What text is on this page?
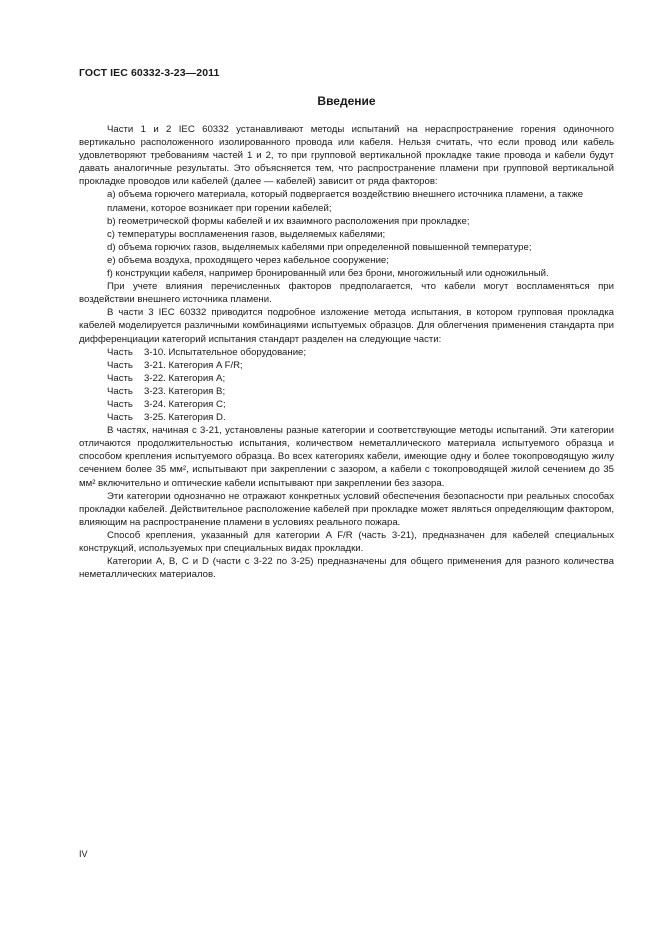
ГОСТ IEC 60332-3-23—2011
Введение

Части 1 и 2 IEC 60332 устанавливают методы испытаний на нераспространение горения одиночного вертикально расположенного изолированного провода или кабеля. Нельзя считать, что если провод или кабель удовлетворяют требованиям частей 1 и 2, то при групповой вертикальной прокладке такие провода и кабели будут давать аналогичные результаты. Это объясняется тем, что распространение пламени при групповой вертикальной прокладке проводов или кабелей (далее — кабелей) зависит от ряда факторов:

а) объема горючего материала, который подвергается воздействию внешнего источника пламени, а также пламени, которое возникает при горении кабелей;

b) геометрической формы кабелей и их взаимного расположения при прокладке;

c) температуры воспламенения газов, выделяемых кабелями;

d) объема горючих газов, выделяемых кабелями при определенной повышенной температуре;

e) объема воздуха, проходящего через кабельное сооружение;

f) конструкции кабеля, например бронированный или без брони, многожильный или одножильный.

При учете влияния перечисленных факторов предполагается, что кабели могут воспламеняться при воздействии внешнего источника пламени.

В части 3 IEC 60332 приводится подробное изложение метода испытания, в котором групповая прокладка кабелей моделируется различными комбинациями испытуемых образцов. Для облегчения применения стандарта при дифференциации категорий испытания стандарт разделен на следующие части:

Часть 3-10. Испытательное оборудование;

Часть 3-21. Категория A F/R;

Часть 3-22. Категория A;

Часть 3-23. Категория B;

Часть 3-24. Категория C;

Часть 3-25. Категория D.

В частях, начиная с 3-21, установлены разные категории и соответствующие методы испытаний. Эти категории отличаются продолжительностью испытания, количеством неметаллического материала испытуемого образца и способом крепления испытуемого образца. Во всех категориях кабели, имеющие одну и более токопроводящую жилу сечением более 35 мм², испытывают при закреплении с зазором, а кабели с токопроводящей жилой сечением до 35 мм² включительно и оптические кабели испытывают при закреплении без зазора.

Эти категории однозначно не отражают конкретных условий обеспечения безопасности при реальных способах прокладки кабелей. Действительное расположение кабелей при прокладке может являться определяющим фактором, влияющим на распространение пламени в условиях реального пожара.

Способ крепления, указанный для категории A F/R (часть 3-21), предназначен для кабелей специальных конструкций, используемых при специальных видах прокладки.

Категории A, B, C и D (части с 3-22 по 3-25) предназначены для общего применения для разного количества неметаллических материалов.

IV
